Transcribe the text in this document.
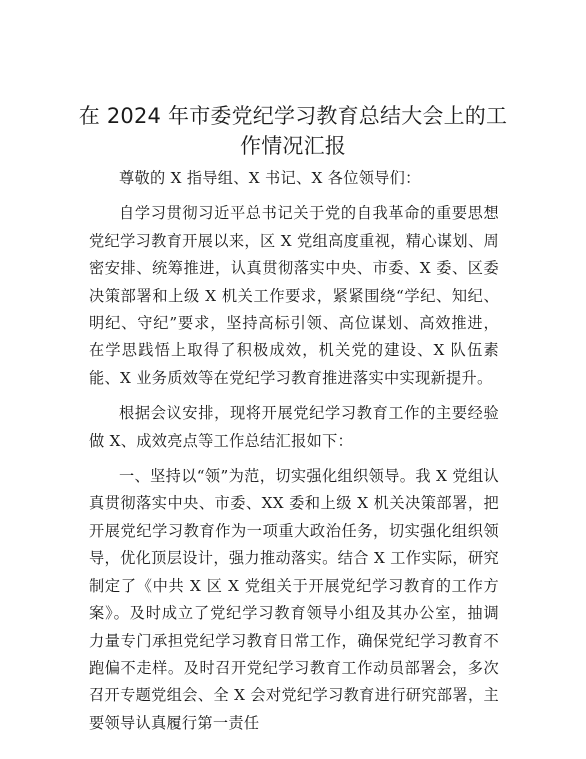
在 2024 年市委党纪学习教育总结大会上的工作情况汇报

尊敬的 X 指导组、X 书记、X 各位领导们：

自学习贯彻习近平总书记关于党的自我革命的重要思想党纪学习教育开展以来，区 X 党组高度重视，精心谋划、周密安排、统筹推进，认真贯彻落实中央、市委、X 委、区委决策部署和上级 X 机关工作要求，紧紧围绕“学纪、知纪、明纪、守纪”要求，坚持高标引领、高位谋划、高效推进，在学思践悟上取得了积极成效，机关党的建设、X 队伍素能、X 业务质效等在党纪学习教育推进落实中实现新提升。

根据会议安排，现将开展党纪学习教育工作的主要经验做 X、成效亮点等工作总结汇报如下：

一、坚持以“领”为范，切实强化组织领导。我 X 党组认真贯彻落实中央、市委、XX 委和上级 X 机关决策部署，把开展党纪学习教育作为一项重大政治任务，切实强化组织领导，优化顶层设计，强力推动落实。结合 X 工作实际，研究制定了《中共 X 区 X 党组关于开展党纪学习教育的工作方案》。及时成立了党纪学习教育领导小组及其办公室，抽调力量专门承担党纪学习教育日常工作，确保党纪学习教育不跑偏不走样。及时召开党纪学习教育工作动员部署会，多次召开专题党组会、全 X 会对党纪学习教育进行研究部署，主要领导认真履行第一责任
